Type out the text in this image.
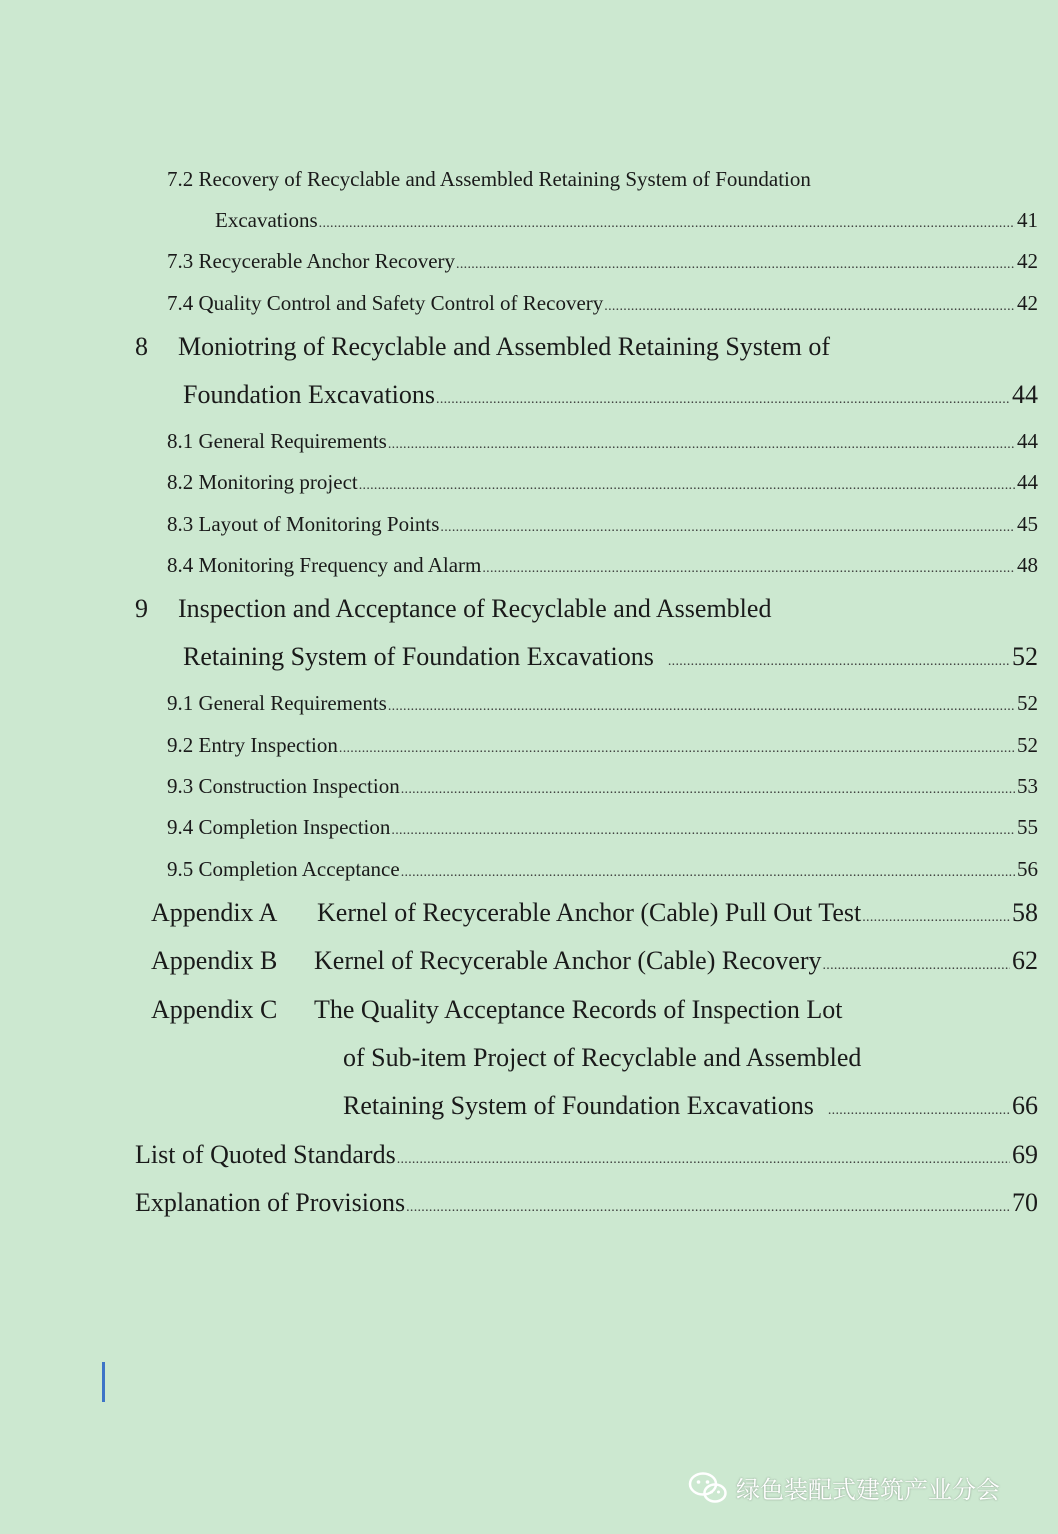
7.2 Recovery of Recyclable and Assembled Retaining System of Foundation
Excavations .....	41
7.3 Recycerable Anchor Recovery .....	42
7.4 Quality Control and Safety Control of Recovery .....	42
8 Moniotring of Recyclable and Assembled Retaining System of
Foundation Excavations .....	44
8.1 General Requirements .....	44
8.2 Monitoring project .....	44
8.3 Layout of Monitoring Points .....	45
8.4 Monitoring Frequency and Alarm .....	48
9 Inspection and Acceptance of Recyclable and Assembled
Retaining System of Foundation Excavations .....	52
9.1 General Requirements .....	52
9.2 Entry Inspection .....	52
9.3 Construction Inspection .....	53
9.4 Completion Inspection .....	55
9.5 Completion Acceptance .....	56
Appendix A Kernel of Recycerable Anchor (Cable) Pull Out Test .....	58
Appendix B Kernel of Recycerable Anchor (Cable) Recovery .....	62
Appendix C The Quality Acceptance Records of Inspection Lot
of Sub-item Project of Recyclable and Assembled
Retaining System of Foundation Excavations .....	66
List of Quoted Standards .....	69
Explanation of Provisions .....	70
绿色装配式建筑产业分会
